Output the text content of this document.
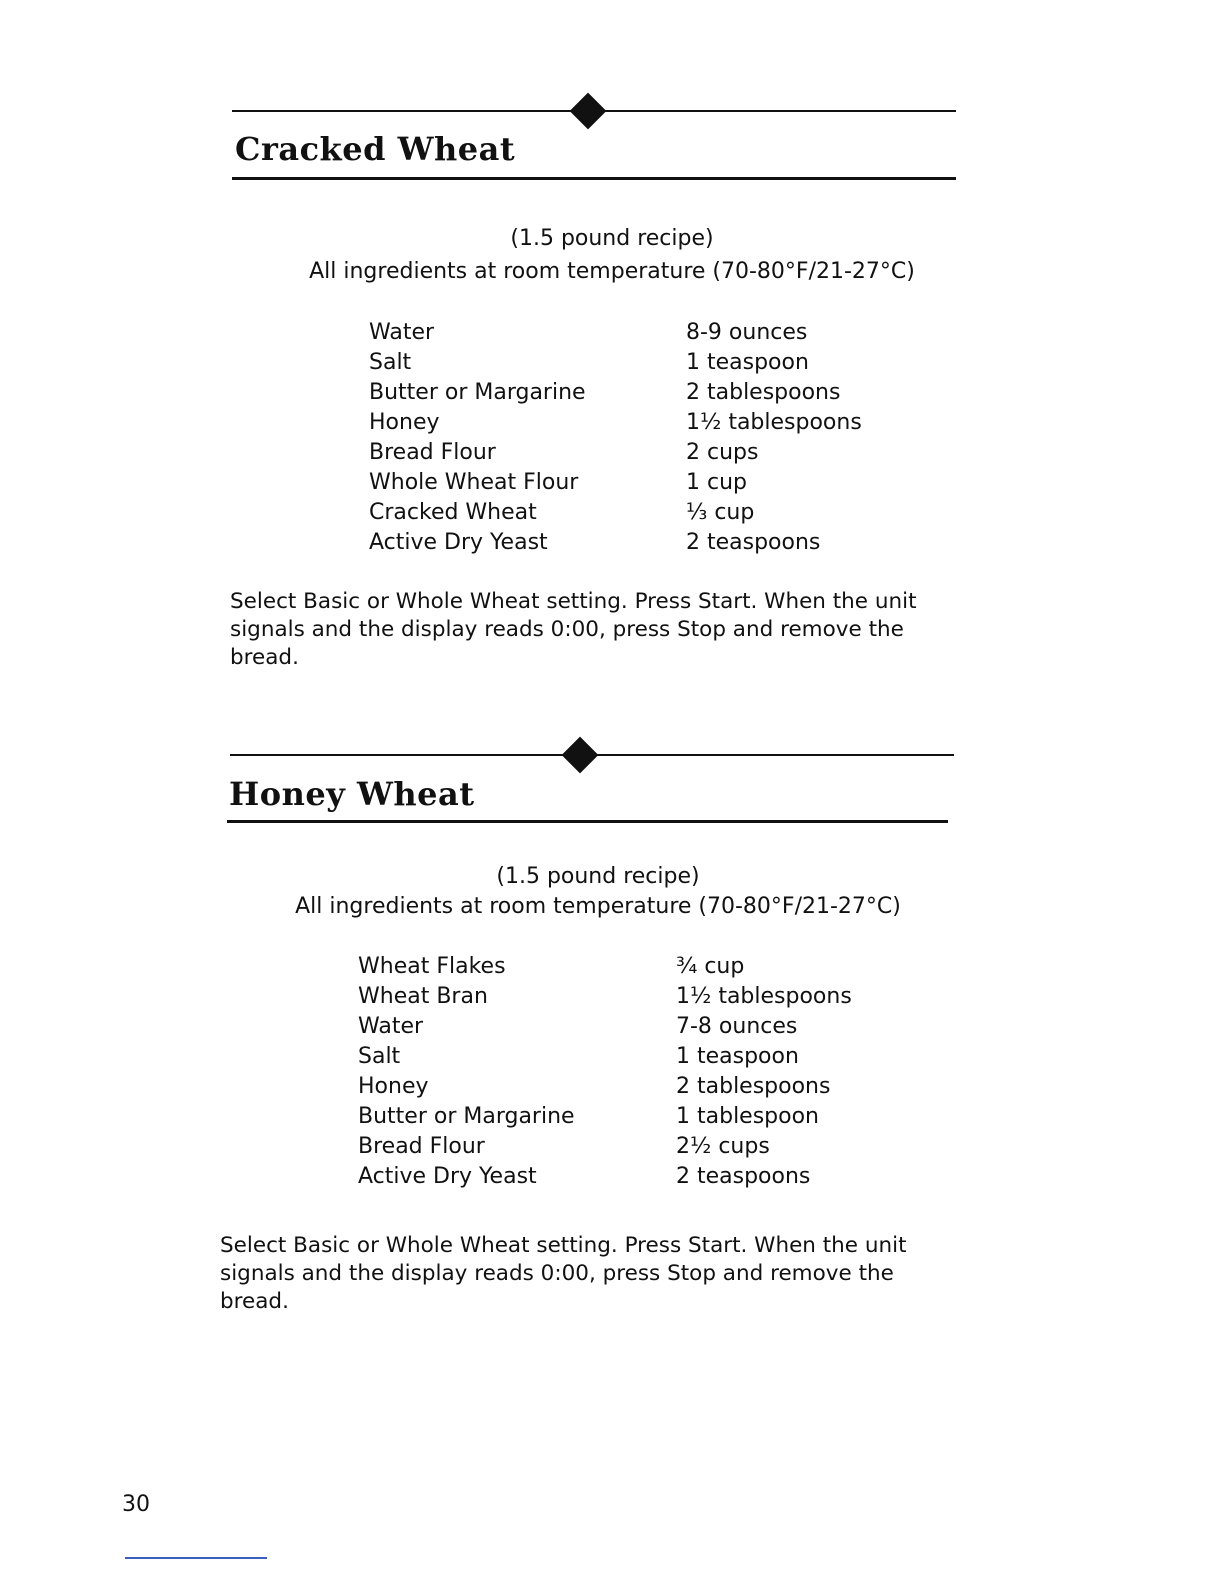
Cracked Wheat
(1.5 pound recipe)
All ingredients at room temperature (70-80°F/21-27°C)
Water	8-9 ounces
Salt	1 teaspoon
Butter or Margarine	2 tablespoons
Honey	1½ tablespoons
Bread Flour	2 cups
Whole Wheat Flour	1 cup
Cracked Wheat	⅓ cup
Active Dry Yeast	2 teaspoons

Select Basic or Whole Wheat setting. Press Start. When the unit signals and the display reads 0:00, press Stop and remove the bread.

Honey Wheat
(1.5 pound recipe)
All ingredients at room temperature (70-80°F/21-27°C)
Wheat Flakes	¾ cup
Wheat Bran	1½ tablespoons
Water	7-8 ounces
Salt	1 teaspoon
Honey	2 tablespoons
Butter or Margarine	1 tablespoon
Bread Flour	2½ cups
Active Dry Yeast	2 teaspoons

Select Basic or Whole Wheat setting. Press Start. When the unit signals and the display reads 0:00, press Stop and remove the bread.

30
